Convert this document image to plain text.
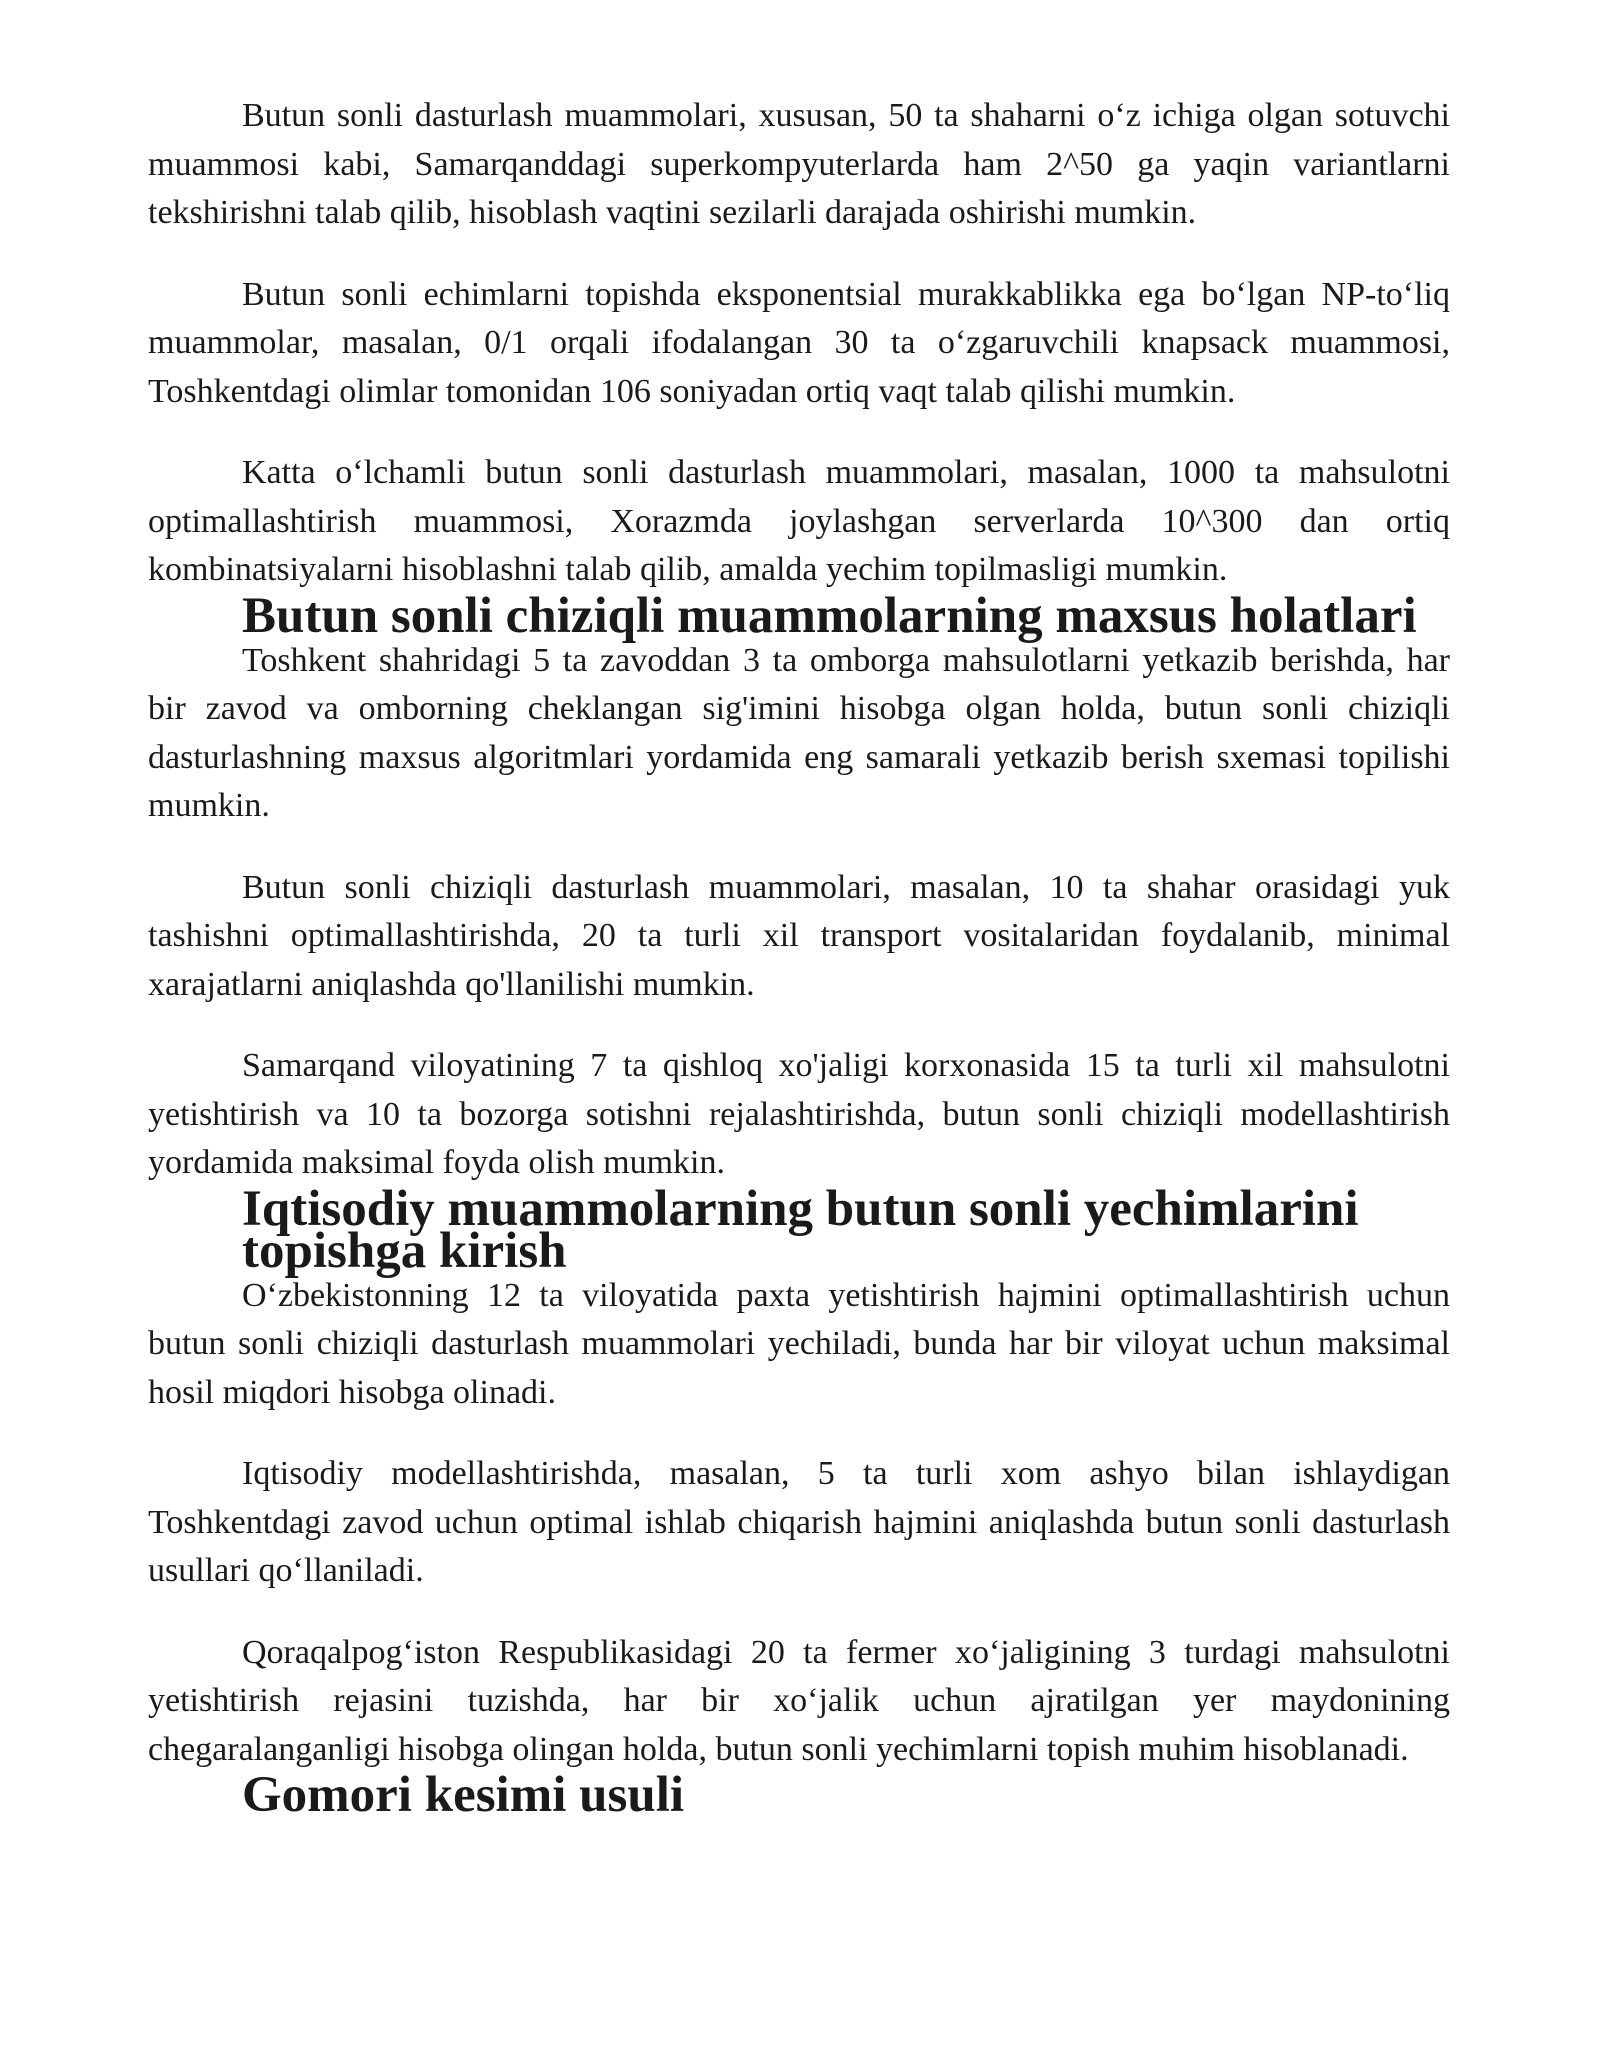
Butun sonli dasturlash muammolari, xususan, 50 ta shaharni oʻz ichiga olgan sotuvchi muammosi kabi, Samarqanddagi superkompyuterlarda ham 2^50 ga yaqin variantlarni tekshirishni talab qilib, hisoblash vaqtini sezilarli darajada oshirishi mumkin.

Butun sonli echimlarni topishda eksponentsial murakkablikka ega boʻlgan NP-toʻliq muammolar, masalan, 0/1 orqali ifodalangan 30 ta oʻzgaruvchili knapsack muammosi, Toshkentdagi olimlar tomonidan 106 soniyadan ortiq vaqt talab qilishi mumkin.

Katta oʻlchamli butun sonli dasturlash muammolari, masalan, 1000 ta mahsulotni optimallashtirish muammosi, Xorazmda joylashgan serverlarda 10^300 dan ortiq kombinatsiyalarni hisoblashni talab qilib, amalda yechim topilmasligi mumkin.

Butun sonli chiziqli muammolarning maxsus holatlari

Toshkent shahridagi 5 ta zavoddan 3 ta omborga mahsulotlarni yetkazib berishda, har bir zavod va omborning cheklangan sig'imini hisobga olgan holda, butun sonli chiziqli dasturlashning maxsus algoritmlari yordamida eng samarali yetkazib berish sxemasi topilishi mumkin.

Butun sonli chiziqli dasturlash muammolari, masalan, 10 ta shahar orasidagi yuk tashishni optimallashtirishda, 20 ta turli xil transport vositalaridan foydalanib, minimal xarajatlarni aniqlashda qo'llanilishi mumkin.

Samarqand viloyatining 7 ta qishloq xo'jaligi korxonasida 15 ta turli xil mahsulotni yetishtirish va 10 ta bozorga sotishni rejalashtirishda, butun sonli chiziqli modellashtirish yordamida maksimal foyda olish mumkin.

Iqtisodiy muammolarning butun sonli yechimlarini topishga kirish

Oʻzbekistonning 12 ta viloyatida paxta yetishtirish hajmini optimallashtirish uchun butun sonli chiziqli dasturlash muammolari yechiladi, bunda har bir viloyat uchun maksimal hosil miqdori hisobga olinadi.

Iqtisodiy modellashtirishda, masalan, 5 ta turli xom ashyo bilan ishlaydigan Toshkentdagi zavod uchun optimal ishlab chiqarish hajmini aniqlashda butun sonli dasturlash usullari qoʻllaniladi.

Qoraqalpogʻiston Respublikasidagi 20 ta fermer xoʻjaligining 3 turdagi mahsulotni yetishtirish rejasini tuzishda, har bir xoʻjalik uchun ajratilgan yer maydonining chegaralanganligi hisobga olingan holda, butun sonli yechimlarni topish muhim hisoblanadi.

Gomori kesimi usuli
